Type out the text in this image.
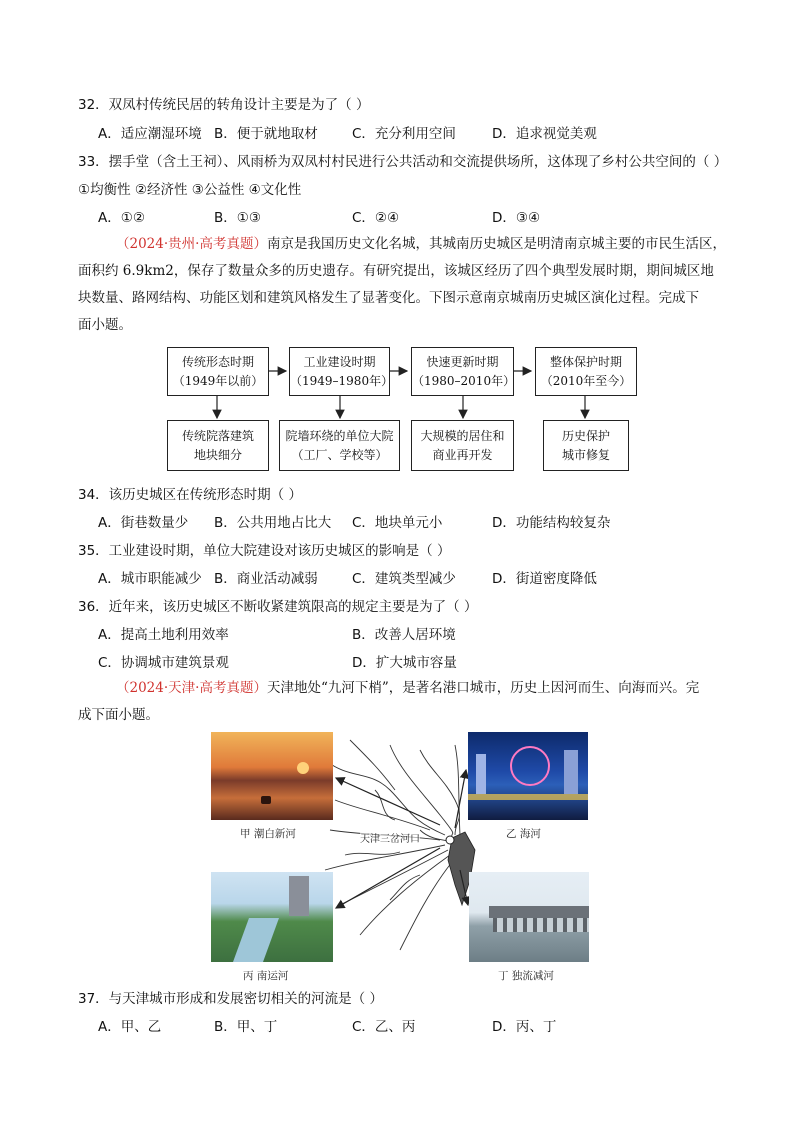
32．双凤村传统民居的转角设计主要是为了（ ）
A．适应潮湿环境 B．便于就地取材	C．充分利用空间	D．追求视觉美观
33．摆手堂（含土王祠）、风雨桥为双凤村村民进行公共活动和交流提供场所，这体现了乡村公共空间的（ ）
①均衡性 ②经济性 ③公益性 ④文化性
A．①②	B．①③	C．②④	D．③④
（2024·贵州·高考真题）南京是我国历史文化名城，其城南历史城区是明清南京城主要的市民生活区，
面积约 6.9km2，保存了数量众多的历史遗存。有研究提出，该城区经历了四个典型发展时期，期间城区地
块数量、路网结构、功能区划和建筑风格发生了显著变化。下图示意南京城南历史城区演化过程。完成下
面小题。
传统形态时期
（1949年以前）
工业建设时期
（1949–1980年）
快速更新时期
（1980–2010年）
整体保护时期
（2010年至今）
传统院落建筑
地块细分
院墙环绕的单位大院
（工厂、学校等）
大规模的居住和
商业再开发
历史保护
城市修复
34．该历史城区在传统形态时期（ ）
A．街巷数量少 B．公共用地占比大 C．地块单元小	D．功能结构较复杂
35．工业建设时期，单位大院建设对该历史城区的影响是（ ）
A．城市职能减少 B．商业活动减弱	C．建筑类型减少	D．街道密度降低
36．近年来，该历史城区不断收紧建筑限高的规定主要是为了（ ）
A．提高土地利用效率	B．改善人居环境
C．协调城市建筑景观	D．扩大城市容量
（2024·天津·高考真题）天津地处“九河下梢”，是著名港口城市，历史上因河而生、向海而兴。完
成下面小题。
天津三岔河口
甲 潮白新河	乙 海河
丙 南运河	丁 独流减河
37．与天津城市形成和发展密切相关的河流是（ ）
A．甲、乙	B．甲、丁	C．乙、丙	D．丙、丁
